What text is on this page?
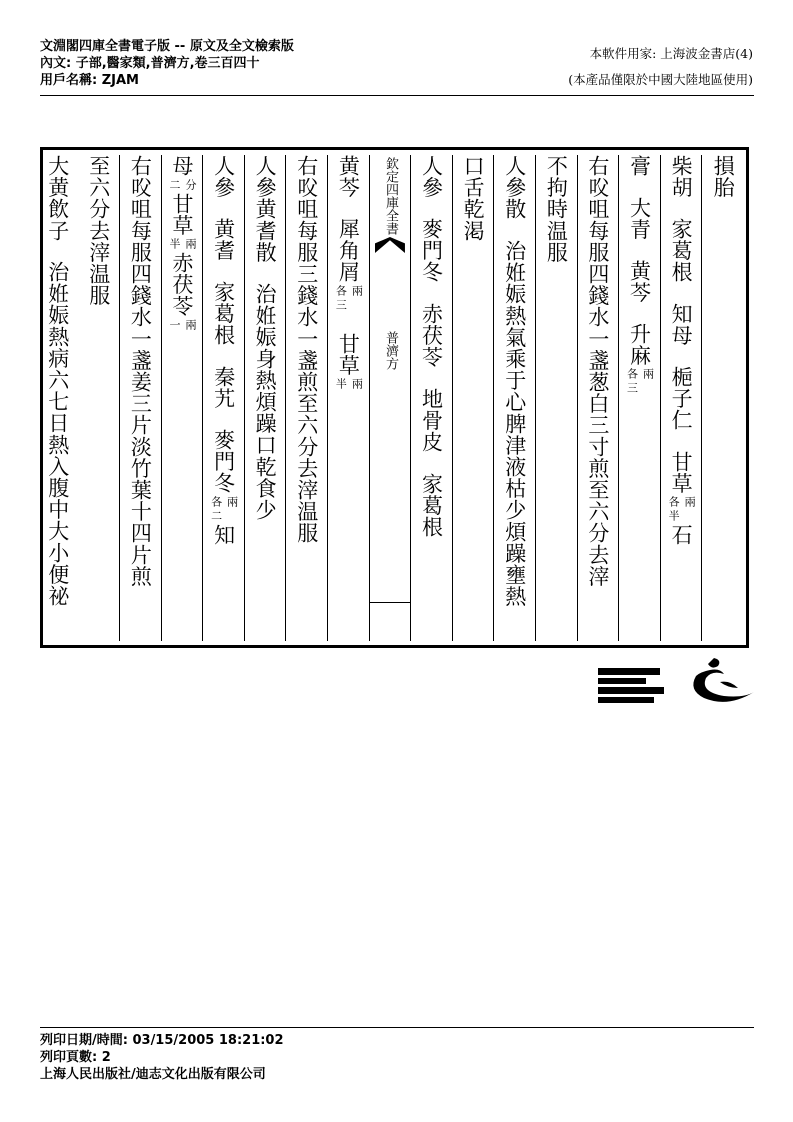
文淵閣四庫全書電子版 -- 原文及全文檢索版
內文: 子部,醫家類,普濟方,卷三百四十
用戶名稱: ZJAM
本軟件用家: 上海波金書店(4)
(本產品僅限於中國大陸地區使用)
損胎
柴胡
家葛根
知母
梔子仁
甘草
兩
各半
石
膏
大青
黄芩
升麻
兩
各三
右㕮咀每服四錢水一盞葱白三寸煎至六分去滓
不拘時温服
人參散
治姙娠熱氣乘于心脾津液枯少煩躁壅熱
口舌乾渇
人參
麥門冬
赤茯苓
地骨皮
家葛根
欽定四庫全書
普濟方
黄芩
犀角屑
兩
各三
甘草
兩
半
右㕮咀每服三錢水一盞煎至六分去滓温服
人參黄耆散
治姙娠身熱煩躁口乾食少
人參
黄耆
家葛根
秦艽
麥門冬
兩
各二
知
母
分
二
甘草
兩
半
赤茯苓
兩
一
右㕮咀每服四錢水一盞姜三片淡竹葉十四片煎
至六分去滓温服
大黄飲子
治姙娠熱病六七日熱入腹中大小便祕
列印日期/時間: 03/15/2005 18:21:02
列印頁數: 2
上海人民出版社/迪志文化出版有限公司
